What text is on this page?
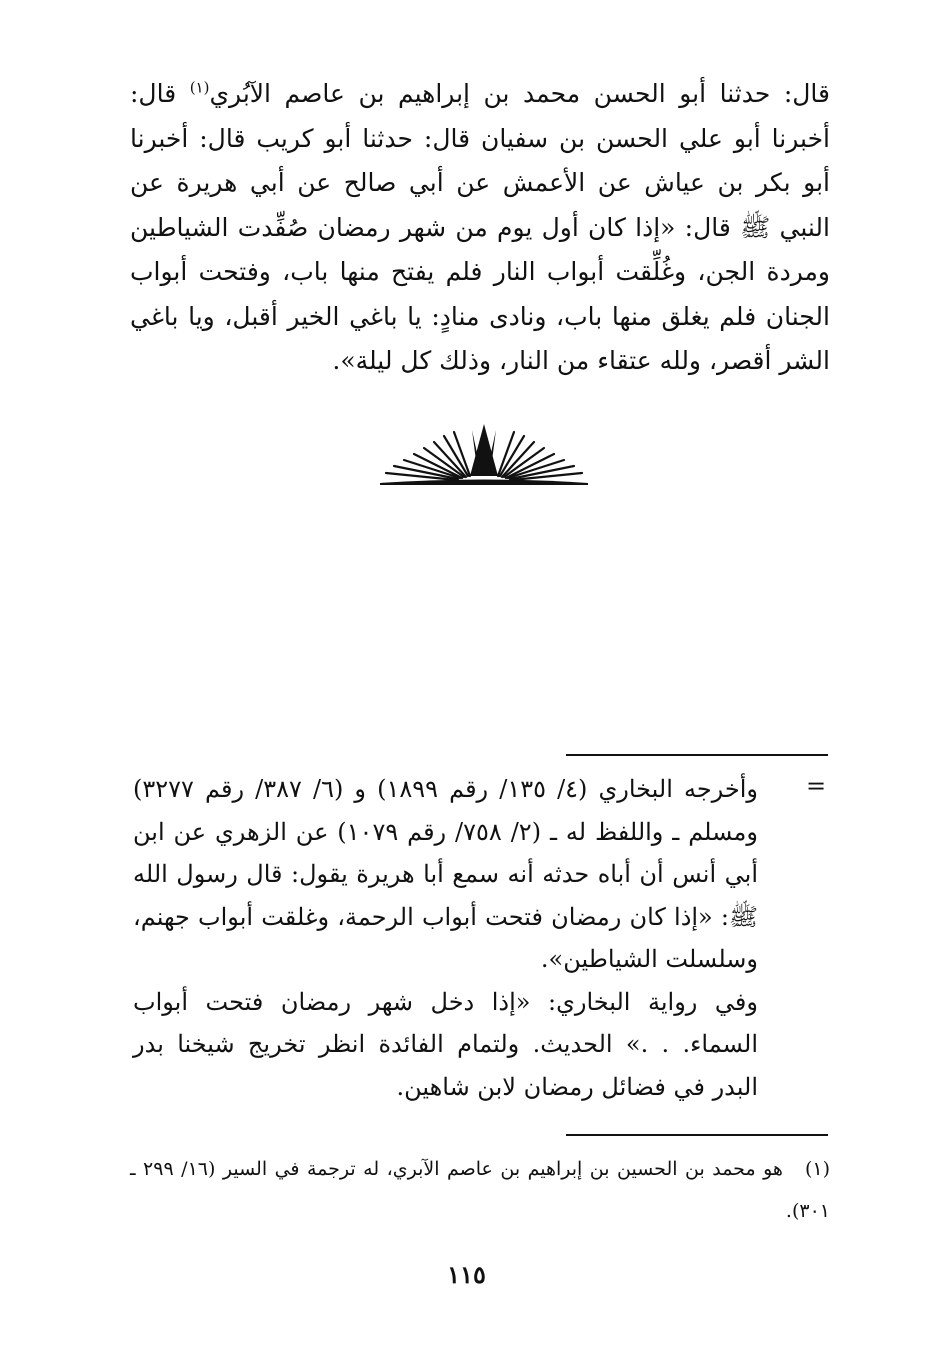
قال: حدثنا أبو الحسن محمد بن إبراهيم بن عاصم الآبُري$^{(١)}$ قال: أخبرنا أبو علي الحسن بن سفيان قال: حدثنا أبو كريب قال: أخبرنا أبو بكر بن عياش عن الأعمش عن أبي صالح عن أبي هريرة عن النبي ﷺ قال: «إذا كان أول يوم من شهر رمضان صُفِّدت الشياطين ومردة الجن، وغُلِّقت أبواب النار فلم يفتح منها باب، وفتحت أبواب الجنان فلم يغلق منها باب، ونادى منادٍ: يا باغي الخير أقبل، ويا باغي الشر أقصر، ولله عتقاء من النار، وذلك كل ليلة».

=

وأخرجه البخاري (٤/ ١٣٥/ رقم ١٨٩٩) و (٦/ ٣٨٧/ رقم ٣٢٧٧) ومسلم ـ واللفظ له ـ (٢/ ٧٥٨/ رقم ١٠٧٩) عن الزهري عن ابن أبي أنس أن أباه حدثه أنه سمع أبا هريرة يقول: قال رسول الله ﷺ: «إذا كان رمضان فتحت أبواب الرحمة، وغلقت أبواب جهنم، وسلسلت الشياطين».

وفي رواية البخاري: «إذا دخل شهر رمضان فتحت أبواب السماء. . .» الحديث. ولتمام الفائدة انظر تخريج شيخنا بدر البدر في فضائل رمضان لابن شاهين.

(١)هو محمد بن الحسين بن إبراهيم بن عاصم الآبري، له ترجمة في السير (١٦/ ٢٩٩ ـ ٣٠١).

١١٥
